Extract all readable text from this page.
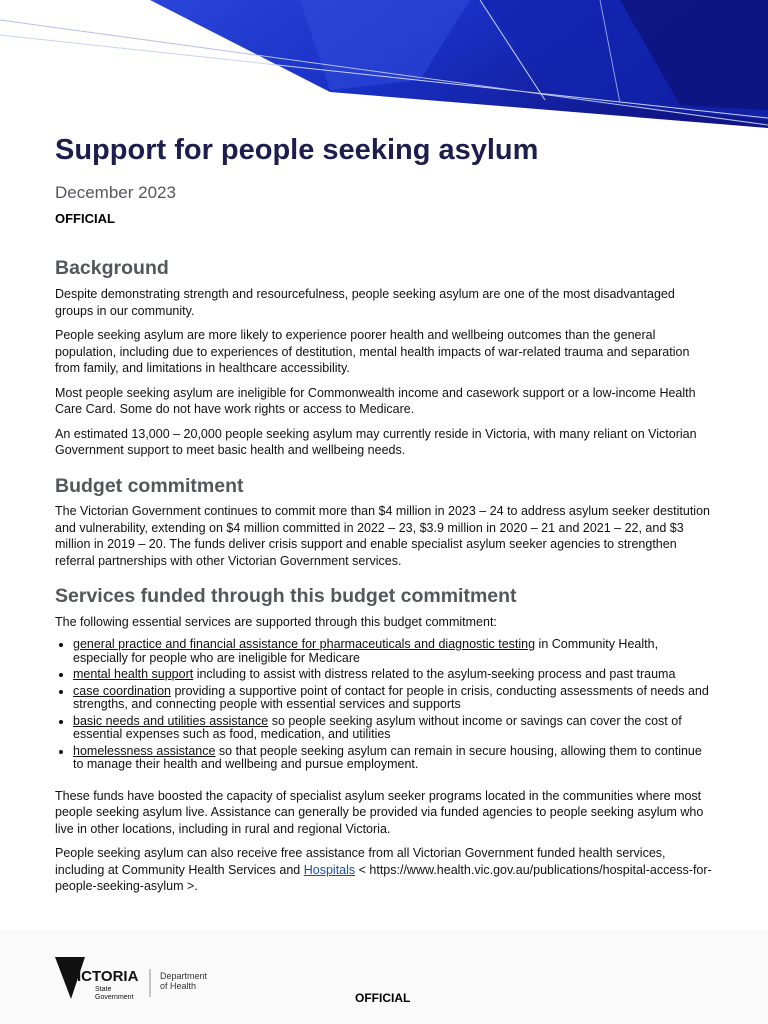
Support for people seeking asylum
December 2023
OFFICIAL
Background

Despite demonstrating strength and resourcefulness, people seeking asylum are one of the most disadvantaged groups in our community.

People seeking asylum are more likely to experience poorer health and wellbeing outcomes than the general population, including due to experiences of destitution, mental health impacts of war-related trauma and separation from family, and limitations in healthcare accessibility.

Most people seeking asylum are ineligible for Commonwealth income and casework support or a low-income Health Care Card. Some do not have work rights or access to Medicare.

An estimated 13,000 – 20,000 people seeking asylum may currently reside in Victoria, with many reliant on Victorian Government support to meet basic health and wellbeing needs.

Budget commitment

The Victorian Government continues to commit more than $4 million in 2023 – 24 to address asylum seeker destitution and vulnerability, extending on $4 million committed in 2022 – 23, $3.9 million in 2020 – 21 and 2021 – 22, and $3 million in 2019 – 20. The funds deliver crisis support and enable specialist asylum seeker agencies to strengthen referral partnerships with other Victorian Government services.

Services funded through this budget commitment

The following essential services are supported through this budget commitment:

• general practice and financial assistance for pharmaceuticals and diagnostic testing in Community Health, especially for people who are ineligible for Medicare
• mental health support including to assist with distress related to the asylum-seeking process and past trauma
• case coordination providing a supportive point of contact for people in crisis, conducting assessments of needs and strengths, and connecting people with essential services and supports
• basic needs and utilities assistance so people seeking asylum without income or savings can cover the cost of essential expenses such as food, medication, and utilities
• homelessness assistance so that people seeking asylum can remain in secure housing, allowing them to continue to manage their health and wellbeing and pursue employment.

These funds have boosted the capacity of specialist asylum seeker programs located in the communities where most people seeking asylum live. Assistance can generally be provided via funded agencies to people seeking asylum who live in other locations, including in rural and regional Victoria.

People seeking asylum can also receive free assistance from all Victorian Government funded health services, including at Community Health Services and Hospitals < https://www.health.vic.gov.au/publications/hospital-access-for-people-seeking-asylum >.

VICTORIA
State
Government
Department
of Health
OFFICIAL
